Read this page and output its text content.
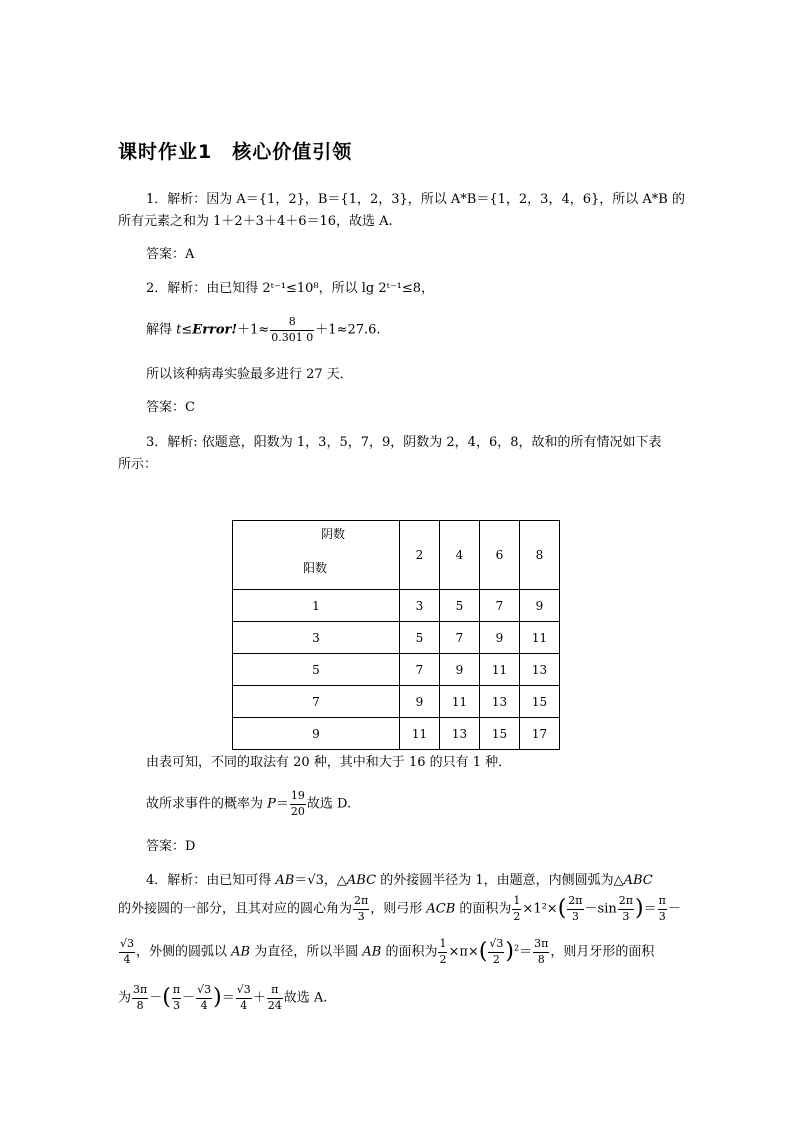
课时作业1　核心价值引领
1．解析：因为 A＝{1，2}，B＝{1，2，3}，所以 A*B＝{1，2，3，4，6}，所以 A*B 的
所有元素之和为 1＋2＋3＋4＋6＝16，故选 A.
答案：A
2．解析：由已知得 2ᵗ⁻¹≤10⁸，所以 lg 2ᵗ⁻¹≤8，
解得 t≤Error!＋1≈ $\frac{8}{0.301 0} +1\approx 27.6$.
所以该种病毒实验最多进行 27 天．
答案：C
3．解析: 依题意，阳数为 1，3，5，7，9，阴数为 2，4，6，8，故和的所有情况如下表
所示：
阴数
阳数	2	4	6	8
1	3	5	7	9
3	5	7	9	11
5	7	9	11	13
7	9	11	13	15
9	11	13	15	17
由表可知，不同的取法有 20 种，其中和大于 16 的只有 1 种．
故所求事件的概率为 $P= \frac{19}{20}$ 故选 D.
答案：D
4．解析：由已知可得 AB＝√3，△ABC 的外接圆半径为 1，由题意，内侧圆弧为△ABC
的外接圆的一部分，且其对应的圆心角为 $\frac{2\pi}{3}$ ，则弓形 ACB 的面积为 $\frac{1}{2} \times 1^2\times( \frac{2\pi}{3} -\sin \frac{2\pi}{3}$ )＝ $\frac{\pi}{3}$ －
$\frac{√3}{4}$ ，外侧的圆弧以 AB 为直径，所以半圆 AB 的面积为 $\frac{1}{2} \times\pi\times( \frac{√3}{2} )^2= \frac{3\pi}{8}$ ，则月牙形的面积
为 $\frac{3\pi}{8}$ －( $\frac{\pi}{3} - \frac{√3}{4}$ )＝ $\frac{√3}{4} + \frac{\pi}{24}$ 故选 A.
